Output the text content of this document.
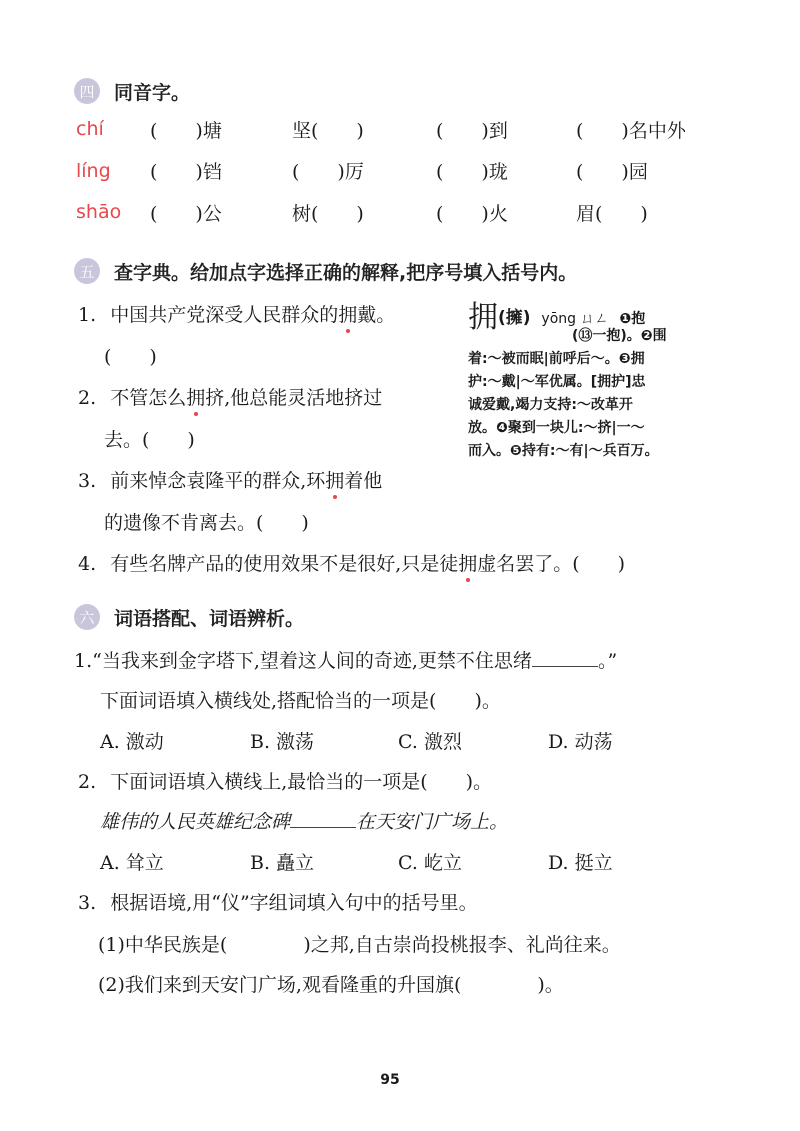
四 同音字。
chí (　　)塘	坚(　　)	(　　)到	(　　)名中外
líng (　　)铛	(　　)厉	(　　)珑	(　　)园
shāo (　　)公	树(　　)	(　　)火	眉(　　)
五 查字典。给加点字选择正确的解释,把序号填入括号内。
1. 中国共产党深受人民群众的拥戴。
(　　)
2. 不管怎么拥挤,他总能灵活地挤过
去。(　　)
3. 前来悼念袁隆平的群众,环拥着他
的遗像不肯离去。(　　)
4. 有些名牌产品的使用效果不是很好,只是徒拥虚名罢了。(　　)
拥(擁) yōng ㄩㄥ ❶抱
(⑬一抱)。❷围
着:～被而眠|前呼后～。❸拥
护:～戴|～军优属。[拥护]忠
诚爱戴,竭力支持:～改革开
放。❹聚到一块儿:～挤|一～
而入。❺持有:～有|～兵百万。
六 词语搭配、词语辨析。
1.“当我来到金字塔下,望着这人间的奇迹,更禁不住思绪	。”
下面词语填入横线处,搭配恰当的一项是(　　)。
A. 激动	B. 激荡	C. 激烈	D. 动荡
2. 下面词语填入横线上,最恰当的一项是(　　)。
雄伟的人民英雄纪念碑	在天安门广场上。
A. 耸立	B. 矗立	C. 屹立	D. 挺立
3. 根据语境,用“仪”字组词填入句中的括号里。
(1)中华民族是(　　　　)之邦,自古崇尚投桃报李、礼尚往来。
(2)我们来到天安门广场,观看隆重的升国旗(　　　　)。
95
